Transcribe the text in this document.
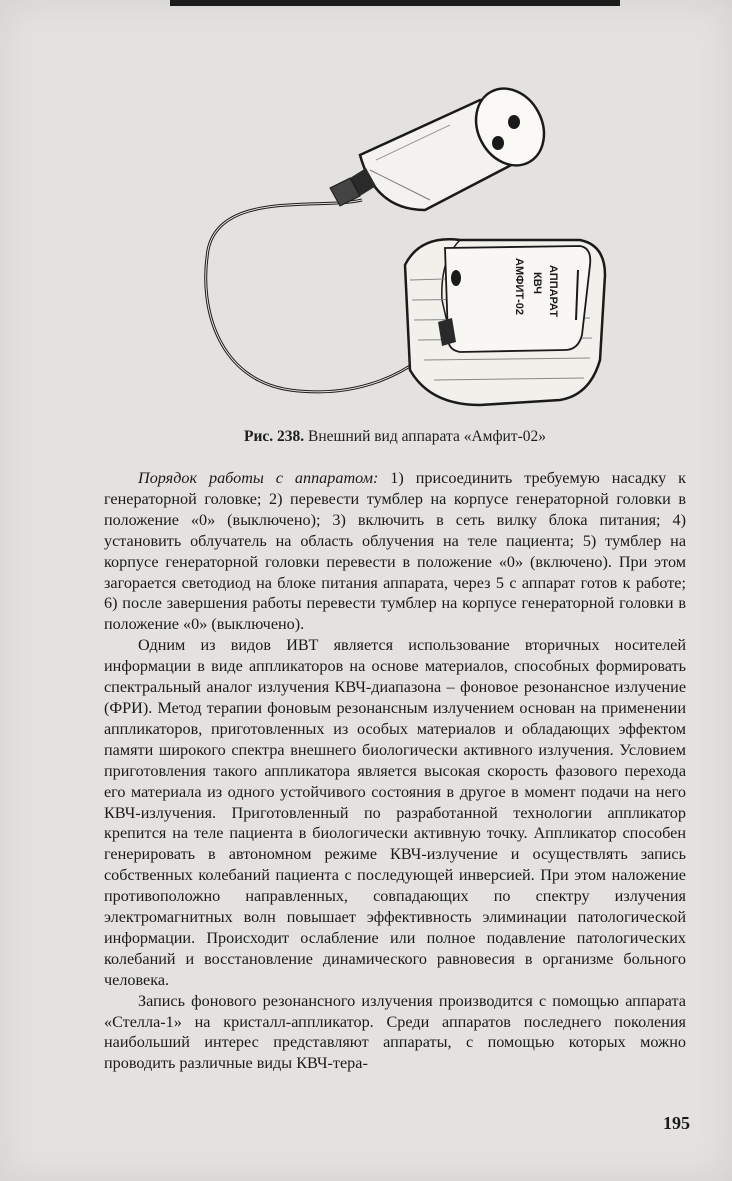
АППАРАТ
КВЧ
АМФИТ-02
Рис. 238. Внешний вид аппарата «Амфит-02»

Порядок работы с аппаратом: 1) присоединить требуемую насадку к генераторной головке; 2) перевести тумблер на корпусе генераторной головки в положение «0» (выключено); 3) включить в сеть вилку блока питания; 4) установить облучатель на область облучения на теле пациента; 5) тумблер на корпусе генераторной головки перевести в положение «0» (включено). При этом загорается светодиод на блоке питания аппарата, через 5 с аппарат готов к работе; 6) после завершения работы перевести тумблер на корпусе генераторной головки в положение «0» (выключено).

Одним из видов ИВТ является использование вторичных носителей информации в виде аппликаторов на основе материалов, способных формировать спектральный аналог излучения КВЧ-диапазона – фоновое резонансное излучение (ФРИ). Метод терапии фоновым резонансным излучением основан на применении аппликаторов, приготовленных из особых материалов и обладающих эффектом памяти широкого спектра внешнего биологически активного излучения. Условием приготовления такого аппликатора является высокая скорость фазового перехода его материала из одного устойчивого состояния в другое в момент подачи на него КВЧ-излучения. Приготовленный по разработанной технологии аппликатор крепится на теле пациента в биологически активную точку. Аппликатор способен генерировать в автономном режиме КВЧ-излучение и осуществлять запись собственных колебаний пациента с последующей инверсией. При этом наложение противоположно направленных, совпадающих по спектру излучения электромагнитных волн повышает эффективность элиминации патологической информации. Происходит ослабление или полное подавление патологических колебаний и восстановление динамического равновесия в организме больного человека.

Запись фонового резонансного излучения производится с помощью аппарата «Стелла-1» на кристалл-аппликатор. Среди аппаратов последнего поколения наибольший интерес представляют аппараты, с помощью которых можно проводить различные виды КВЧ-тера-

195
